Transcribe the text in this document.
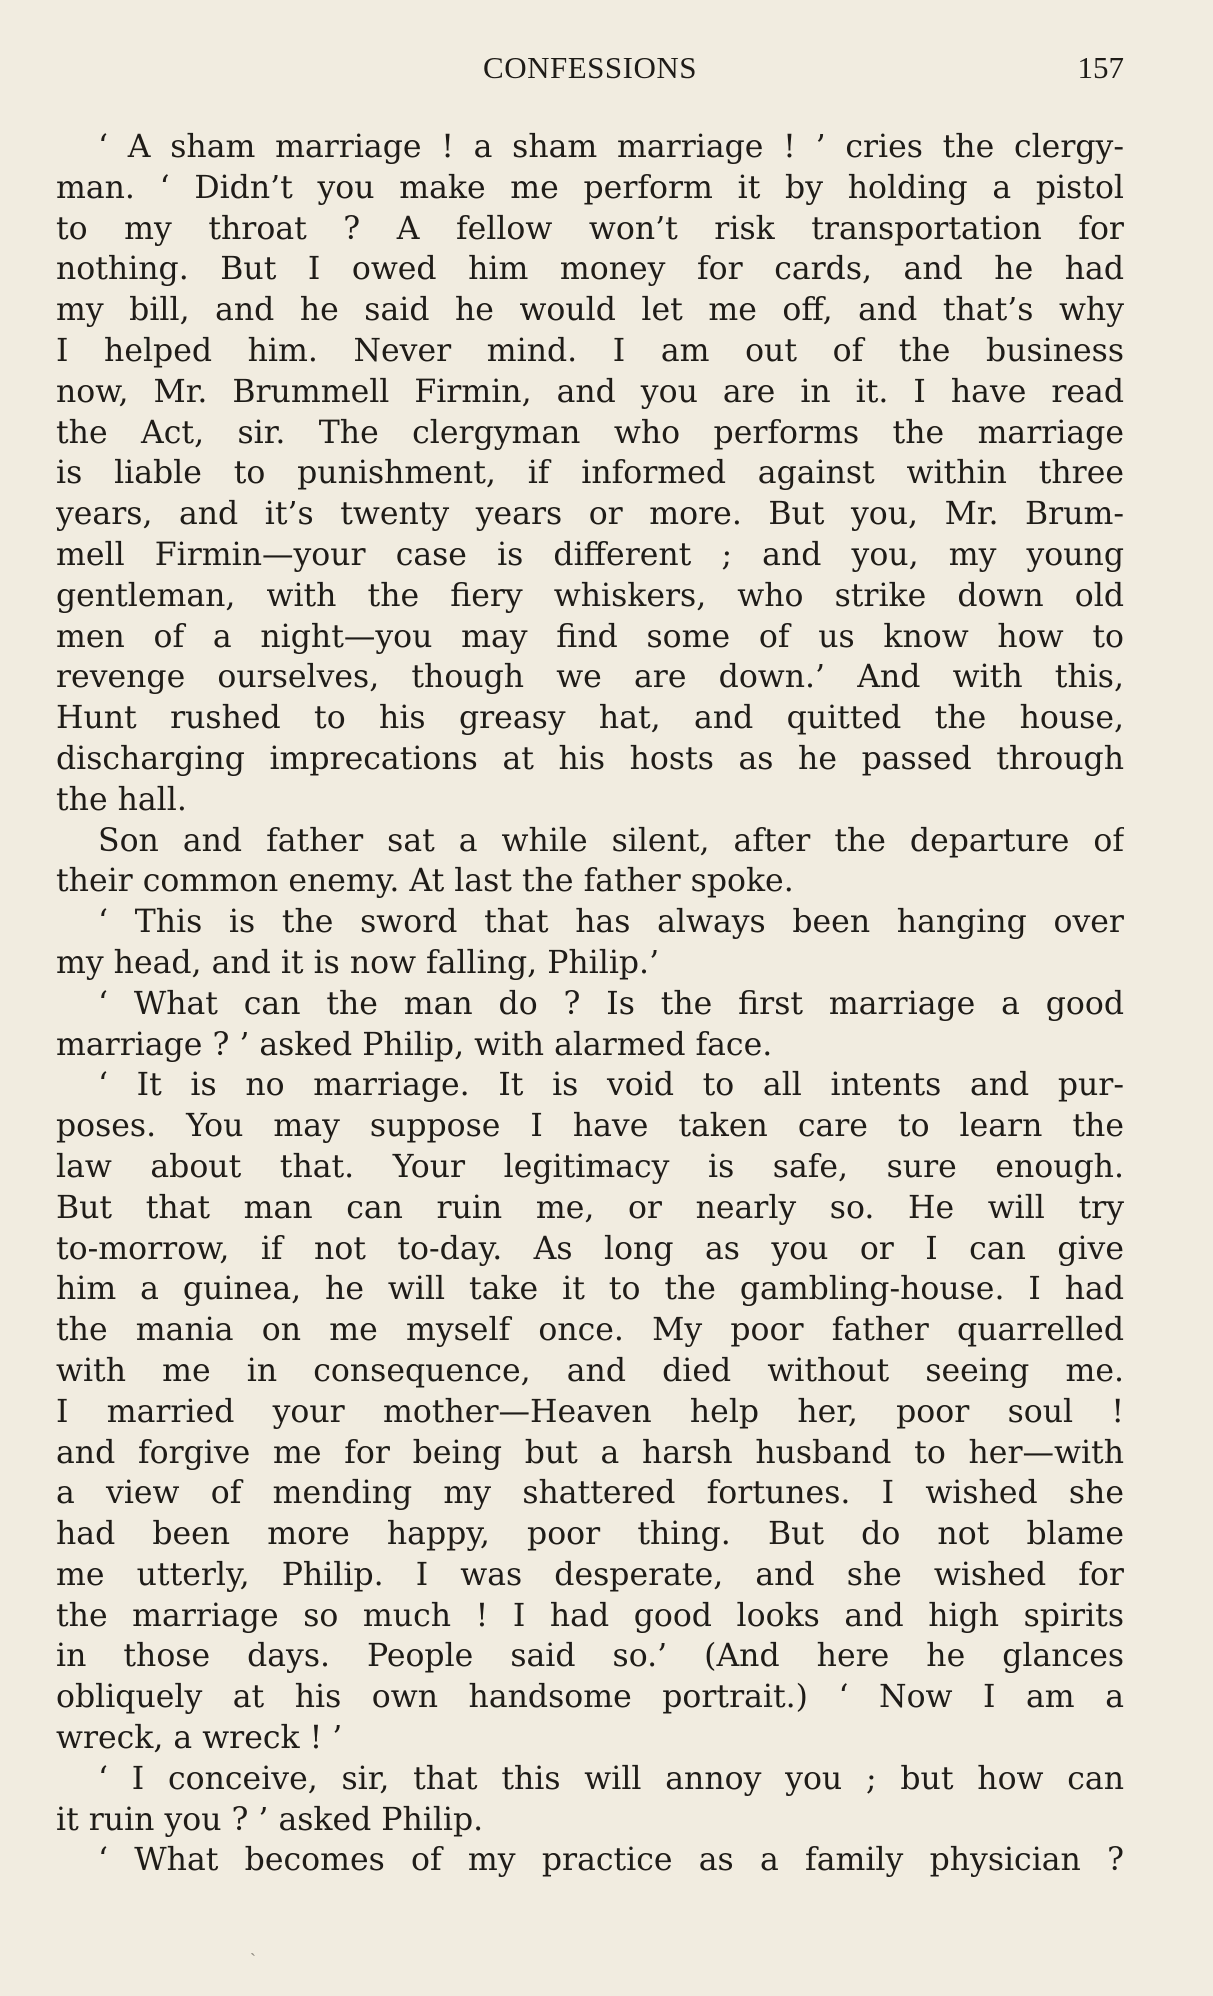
CONFESSIONS	157
‘ A sham marriage ! a sham marriage ! ’ cries the clergy-
man. ‘ Didn’t you make me perform it by holding a pistol
to my throat ? A fellow won’t risk transportation for
nothing. But I owed him money for cards, and he had
my bill, and he said he would let me off, and that’s why
I helped him. Never mind. I am out of the business
now, Mr. Brummell Firmin, and you are in it. I have read
the Act, sir. The clergyman who performs the marriage
is liable to punishment, if informed against within three
years, and it’s twenty years or more. But you, Mr. Brum-
mell Firmin—your case is different ; and you, my young
gentleman, with the fiery whiskers, who strike down old
men of a night—you may find some of us know how to
revenge ourselves, though we are down.’ And with this,
Hunt rushed to his greasy hat, and quitted the house,
discharging imprecations at his hosts as he passed through
the hall.
Son and father sat a while silent, after the departure of
their common enemy. At last the father spoke.
‘ This is the sword that has always been hanging over
my head, and it is now falling, Philip.’
‘ What can the man do ? Is the first marriage a good
marriage ? ’ asked Philip, with alarmed face.
‘ It is no marriage. It is void to all intents and pur-
poses. You may suppose I have taken care to learn the
law about that. Your legitimacy is safe, sure enough.
But that man can ruin me, or nearly so. He will try
to-morrow, if not to-day. As long as you or I can give
him a guinea, he will take it to the gambling-house. I had
the mania on me myself once. My poor father quarrelled
with me in consequence, and died without seeing me.
I married your mother—Heaven help her, poor soul !
and forgive me for being but a harsh husband to her—with
a view of mending my shattered fortunes. I wished she
had been more happy, poor thing. But do not blame
me utterly, Philip. I was desperate, and she wished for
the marriage so much ! I had good looks and high spirits
in those days. People said so.’ (And here he glances
obliquely at his own handsome portrait.) ‘ Now I am a
wreck, a wreck ! ’
‘ I conceive, sir, that this will annoy you ; but how can
it ruin you ? ’ asked Philip.
‘ What becomes of my practice as a family physician ?
ˏ
